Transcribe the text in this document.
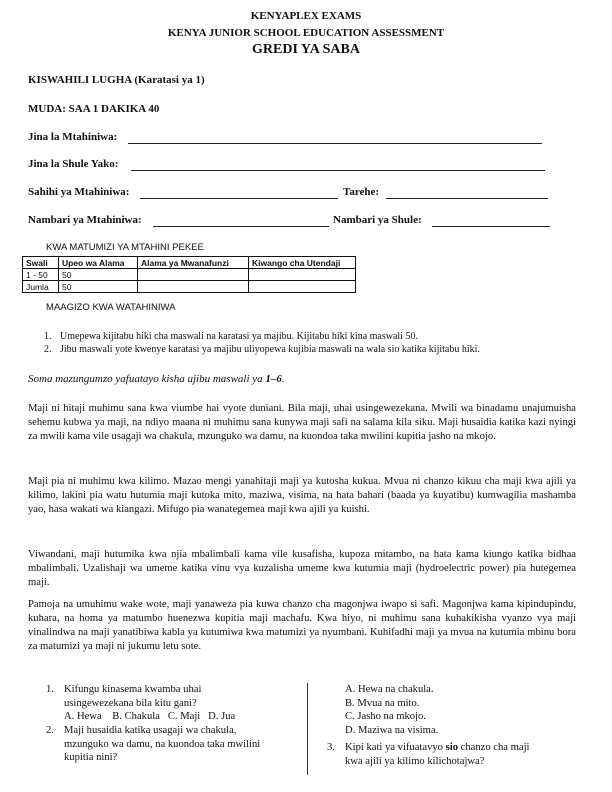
KENYAPLEX EXAMS
KENYA JUNIOR SCHOOL EDUCATION ASSESSMENT
GREDI YA SABA
KISWAHILI LUGHA (Karatasi ya 1)
MUDA: SAA 1 DAKIKA 40
Jina la Mtahiniwa:
Jina la Shule Yako:
Sahihi ya Mtahiniwa:	Tarehe:
Nambari ya Mtahiniwa:	Nambari ya Shule:
KWA MATUMIZI YA MTAHINI PEKEE
Swali	Upeo wa Alama	Alama ya Mwanafunzi	Kiwango cha Utendaji
1 - 50	50		
Jumla	50		
MAAGIZO KWA WATAHINIWA
1. Umepewa kijitabu hiki cha maswali na karatasi ya majibu. Kijitabu hiki kina maswali 50.
2. Jibu maswali yote kwenye karatasi ya majibu uliyopewa kujibia maswali na wala sio katika kijitabu hiki.
Soma mazungumzo yafuatayo kisha ujibu maswali ya 1–6.
Maji ni hitaji muhimu sana kwa viumbe hai vyote duniani. Bila maji, uhai usingewezekana. Mwili wa binadamu unajumuisha sehemu kubwa ya maji, na ndiyo maana ni muhimu sana kunywa maji safi na salama kila siku. Maji husaidia katika kazi nyingi za mwili kama vile usagaji wa chakula, mzunguko wa damu, na kuondoa taka mwilini kupitia jasho na mkojo.
Maji pia ni muhimu kwa kilimo. Mazao mengi yanahitaji maji ya kutosha kukua. Mvua ni chanzo kikuu cha maji kwa ajili ya kilimo, lakini pia watu hutumia maji kutoka mito, maziwa, visima, na hata bahari (baada ya kuyatibu) kumwagilia mashamba yao, hasa wakati wa kiangazi. Mifugo pia wanategemea maji kwa ajili ya kuishi.
Viwandani, maji hutumika kwa njia mbalimbali kama vile kusafisha, kupoza mitambo, na hata kama kiungo katika bidhaa mbalimbali. Uzalishaji wa umeme katika vinu vya kuzalisha umeme kwa kutumia maji (hydroelectric power) pia hutegemea maji.
Pamoja na umuhimu wake wote, maji yanaweza pia kuwa chanzo cha magonjwa iwapo si safi. Magonjwa kama kipindupindu, kuhara, na homa ya matumbo huenezwa kupitia maji machafu. Kwa hiyo, ni muhimu sana kuhakikisha vyanzo vya maji vinalindwa na maji yanatibiwa kabla ya kutumiwa kwa matumizi ya nyumbani. Kuhifadhi maji ya mvua na kutumia mbinu bora za matumizi ya maji ni jukumu letu sote.
1. Kifungu kinasema kwamba uhai
usingewezekana bila kitu gani?
A. Hewa    B. Chakula   C. Maji   D. Jua
2. Maji husaidia katika usagaji wa chakula,
mzunguko wa damu, na kuondoa taka mwilini
kupitia nini?
A. Hewa na chakula.
B. Mvua na mito.
C. Jasho na mkojo.
D. Maziwa na visima.
3. Kipi kati ya vifuatavyo sio chanzo cha maji
kwa ajili ya kilimo kilichotajwa?
